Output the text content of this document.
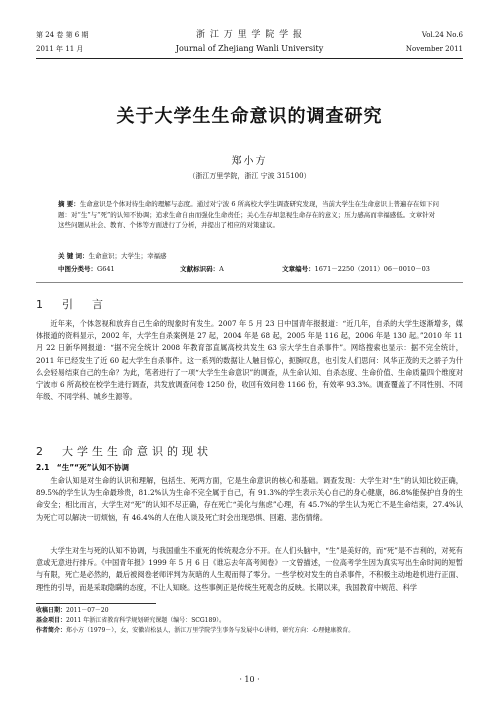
第 24 卷 第 6 期
2011 年 11 月
浙 江 万 里 学 院 学 报
Journal of Zhejiang Wanli University
Vol.24 No.6
November 2011
关于大学生生命意识的调查研究
郑小方
（浙江万里学院，浙江 宁波 315100）
摘 要：生命意识是个体对待生命的理解与态度。通过对宁波 6 所高校大学生调查研究发现，当前大学生在生命意识上普遍存在如下问题：对“生”与“死”的认知不协调；追求生命自由而强化生命责任；关心生存却忽视生命存在的意义；压力感高而幸福感低。文章针对这些问题从社会、教育、个体等方面进行了分析，并提出了相应的对策建议。
关 键 词：生命意识；大学生；幸福感
中图分类号：G641	文献标识码：A	文章编号：1671－2250（2011）06－0010－03
1　引　言
近年来，个体忽视和放弃自己生命的现象时有发生。2007 年 5 月 23 日中国青年报报道：“近几年，自杀的大学生逐渐增多，媒体报道的资料显示，2002 年，大学生自杀案例是 27 起，2004 年是 68 起，2005 年是 116 起，2006 年是 130 起。”2010 年 11 月 22 日新华网报道：“据不完全统计 2008 年教育部直属高校共发生 63 宗大学生自杀事件”。网络搜索也显示：据不完全统计，2011 年已经发生了近 60 起大学生自杀事件。这一系列的数据让人触目惊心，扼腕叹息，也引发人们思问：风华正茂的天之骄子为什么会轻易结束自己的生命？为此，笔者进行了一项“大学生生命意识”的调查，从生命认知、自杀态度、生命价值、生命质量四个维度对宁波市 6 所高校在校学生进行调查，共发放调查问卷 1250 份，收回有效问卷 1166 份，有效率 93.3%。调查覆盖了不同性别、不同年级、不同学科、城乡生源等。
2　大学生生命意识的现状
2.1　“生”“死”认知不协调
生命认知是对生命的认识和理解，包括生、死两方面，它是生命意识的核心和基础。调查发现：大学生对“生”的认知比较正确，89.5%的学生认为生命最珍贵，81.2%认为生命不完全属于自己，有 91.3%的学生表示关心自己的身心健康，86.8%能保护自身的生命安全；相比而言，大学生对“死”的认知不尽正确，存在死亡“美化与焦虑”心理，有 45.7%的学生认为死亡不是生命结束，27.4%认为死亡可以解决一切烦恼，有 46.4%的人在他人谈及死亡时会出现恐惧、回避、悲伤情绪。
大学生对生与死的认知不协调，与我国重生不重死的传统观念分不开。在人们头脑中，“生”是美好的，而“死”是不吉利的，对死有意或无意进行排斥。《中国青年报》1999 年 5 月 6 日《谁忘去年高考阅卷》一文曾描述，一位高考学生因为真实写出生命时间的短暂与有限，死亡是必然的，最后被阅卷老师评判为灰暗的人生观而得了零分。一些学校对发生的自杀事件，不积极主动地趁机进行正面、理性的引导，而是采取隐瞒的态度，不让人知晓。这些事例正是传统生死观念的反映。长期以来，我国教育中规范、科学
收稿日期：2011－07－20
基金项目：2011 年浙江省教育科学规划研究课题（编号：SCG189）。
作者简介：郑小方（1979－），女，安徽岩松县人，浙江万里学院学生事务与发展中心讲师，研究方向：心理健康教育。
· 10 ·
